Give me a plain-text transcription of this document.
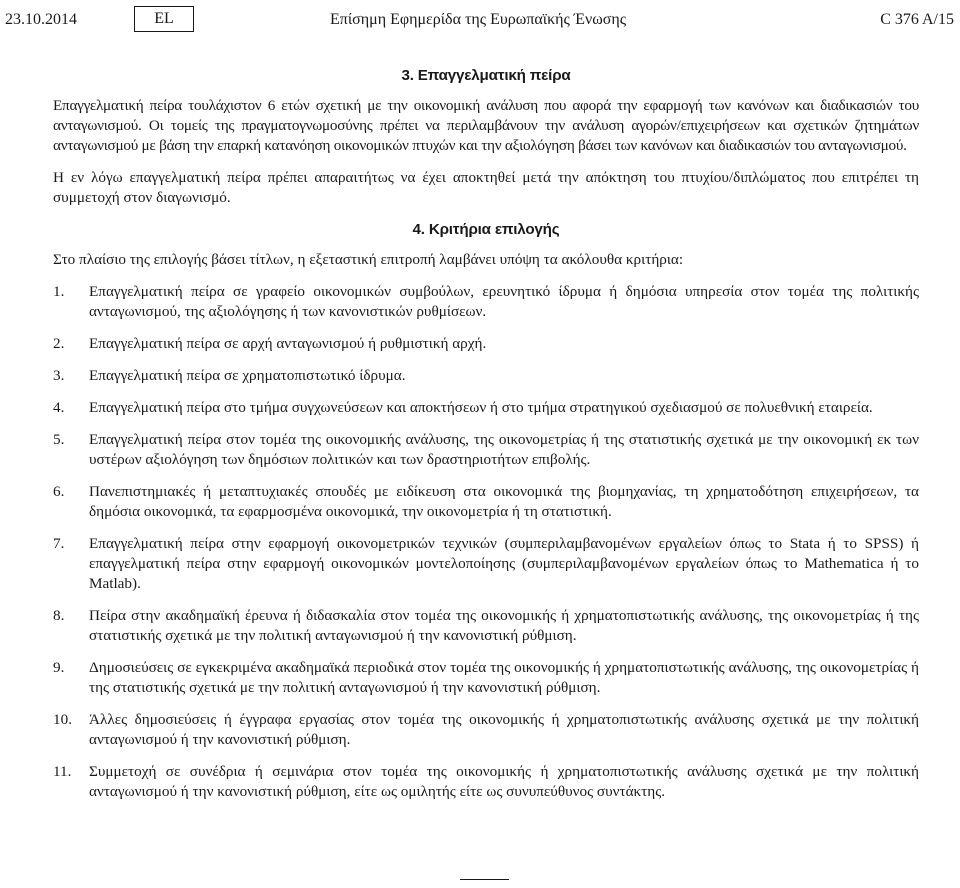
23.10.2014	EL	Επίσημη Εφημερίδα της Ευρωπαϊκής Ένωσης	C 376 A/15
3. Επαγγελματική πείρα

Επαγγελματική πείρα τουλάχιστον 6 ετών σχετική με την οικονομική ανάλυση που αφορά την εφαρμογή των κανόνων και διαδικασιών του ανταγωνισμού. Οι τομείς της πραγματογνωμοσύνης πρέπει να περιλαμβάνουν την ανάλυση αγορών/επιχειρήσεων και σχετικών ζητημάτων ανταγωνισμού με βάση την επαρκή κατανόηση οικονομικών πτυχών και την αξιολόγηση βάσει των κανόνων και διαδικασιών του ανταγωνισμού.

Η εν λόγω επαγγελματική πείρα πρέπει απαραιτήτως να έχει αποκτηθεί μετά την απόκτηση του πτυχίου/διπλώματος που επιτρέπει τη συμμετοχή στον διαγωνισμό.

4. Κριτήρια επιλογής

Στο πλαίσιο της επιλογής βάσει τίτλων, η εξεταστική επιτροπή λαμβάνει υπόψη τα ακόλουθα κριτήρια:

1. Επαγγελματική πείρα σε γραφείο οικονομικών συμβούλων, ερευνητικό ίδρυμα ή δημόσια υπηρεσία στον τομέα της πολιτικής ανταγωνισμού, της αξιολόγησης ή των κανονιστικών ρυθμίσεων.
2. Επαγγελματική πείρα σε αρχή ανταγωνισμού ή ρυθμιστική αρχή.
3. Επαγγελματική πείρα σε χρηματοπιστωτικό ίδρυμα.
4. Επαγγελματική πείρα στο τμήμα συγχωνεύσεων και αποκτήσεων ή στο τμήμα στρατηγικού σχεδιασμού σε πολυεθνική εταιρεία.
5. Επαγγελματική πείρα στον τομέα της οικονομικής ανάλυσης, της οικονομετρίας ή της στατιστικής σχετικά με την οικονομική εκ των υστέρων αξιολόγηση των δημόσιων πολιτικών και των δραστηριοτήτων επιβολής.
6. Πανεπιστημιακές ή μεταπτυχιακές σπουδές με ειδίκευση στα οικονομικά της βιομηχανίας, τη χρηματοδότηση επιχειρήσεων, τα δημόσια οικονομικά, τα εφαρμοσμένα οικονομικά, την οικονομετρία ή τη στατιστική.
7. Επαγγελματική πείρα στην εφαρμογή οικονομετρικών τεχνικών (συμπεριλαμβανομένων εργαλείων όπως το Stata ή το SPSS) ή επαγγελματική πείρα στην εφαρμογή οικονομικών μοντελοποίησης (συμπεριλαμβανομένων εργαλείων όπως το Mathematica ή το Matlab).
8. Πείρα στην ακαδημαϊκή έρευνα ή διδασκαλία στον τομέα της οικονομικής ή χρηματοπιστωτικής ανάλυσης, της οικονομετρίας ή της στατιστικής σχετικά με την πολιτική ανταγωνισμού ή την κανονιστική ρύθμιση.
9. Δημοσιεύσεις σε εγκεκριμένα ακαδημαϊκά περιοδικά στον τομέα της οικονομικής ή χρηματοπιστωτικής ανάλυσης, της οικονομετρίας ή της στατιστικής σχετικά με την πολιτική ανταγωνισμού ή την κανονιστική ρύθμιση.
10. Άλλες δημοσιεύσεις ή έγγραφα εργασίας στον τομέα της οικονομικής ή χρηματοπιστωτικής ανάλυσης σχετικά με την πολιτική ανταγωνισμού ή την κανονιστική ρύθμιση.
11. Συμμετοχή σε συνέδρια ή σεμινάρια στον τομέα της οικονομικής ή χρηματοπιστωτικής ανάλυσης σχετικά με την πολιτική ανταγωνισμού ή την κανονιστική ρύθμιση, είτε ως ομιλητής είτε ως συνυπεύθυνος συντάκτης.
